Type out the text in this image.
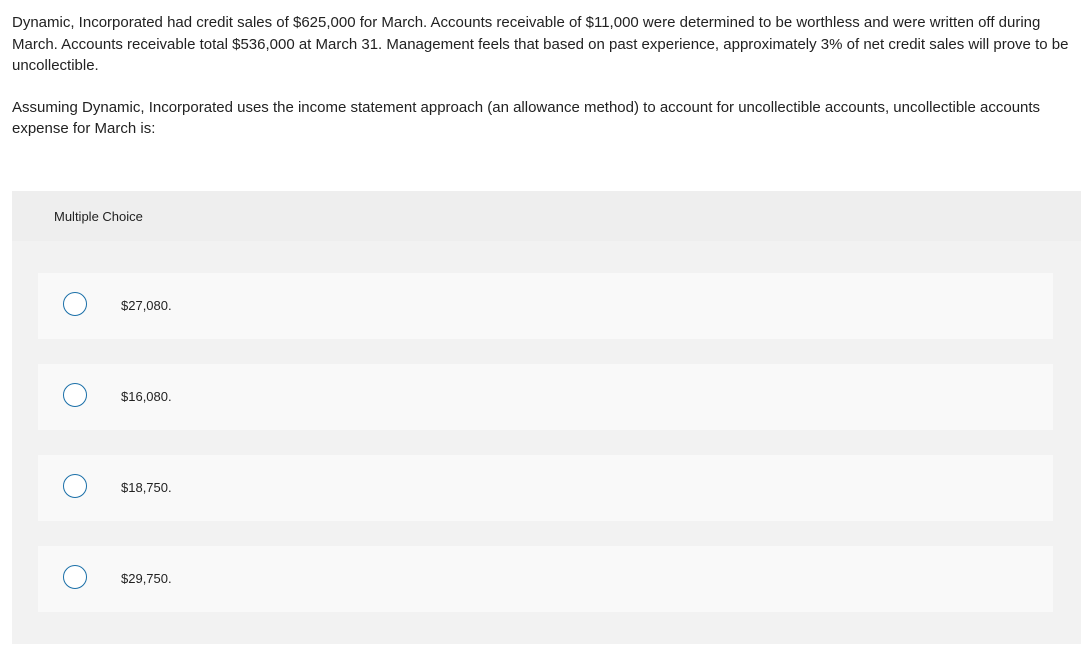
Dynamic, Incorporated had credit sales of $625,000 for March. Accounts receivable of $11,000 were determined to be worthless and were written off during March. Accounts receivable total $536,000 at March 31. Management feels that based on past experience, approximately 3% of net credit sales will prove to be uncollectible.

Assuming Dynamic, Incorporated uses the income statement approach (an allowance method) to account for uncollectible accounts, uncollectible accounts expense for March is:

Multiple Choice
$27,080.
$16,080.
$18,750.
$29,750.
